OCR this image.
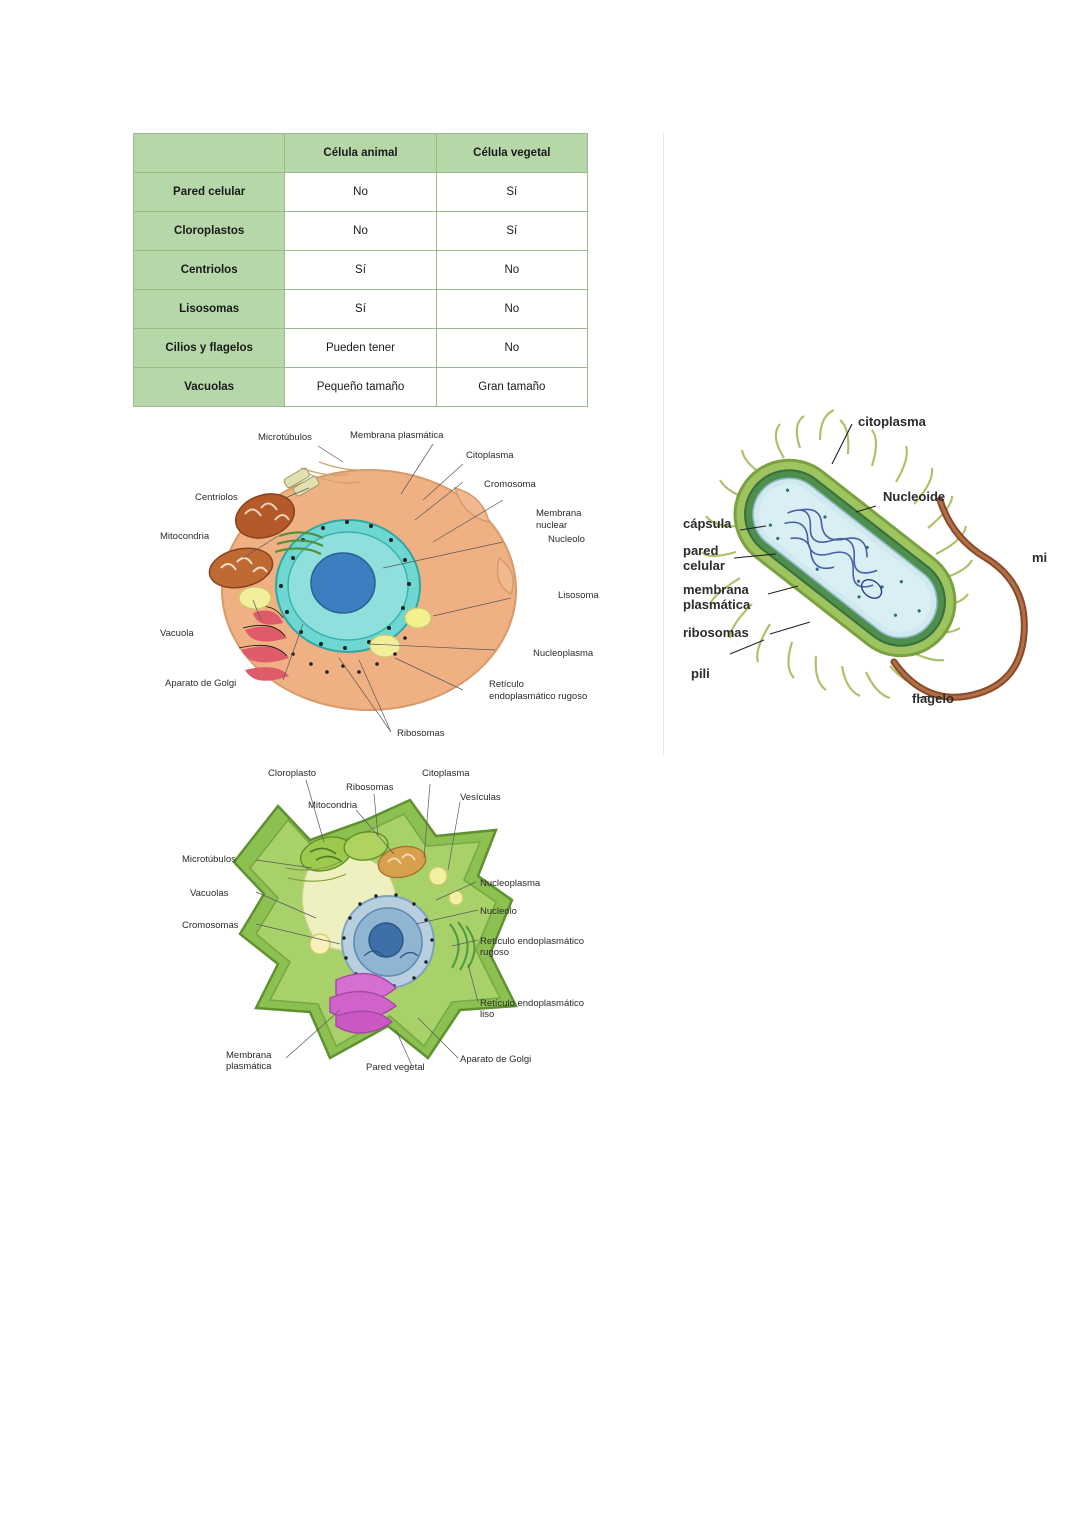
	Célula animal	Célula vegetal
Pared celular	No	Sí
Cloroplastos	No	Sí
Centriolos	Sí	No
Lisosomas	Sí	No
Cilios y flagelos	Pueden tener	No
Vacuolas	Pequeño tamaño	Gran tamaño
Microtúbulos	Membrana plasmática
Citoplasma
Cromosoma
Centriolos
Membrana
nuclear
Mitocondria	Nucleolo
Lisosoma
Vacuola
Nucleoplasma
Aparato de Golgi	Retículo
endoplasmático rugoso
Ribosomas
citoplasma
Nucleoide
cápsula
pared
celular
membrana
plasmática
ribosomas
pili
flagelo
mi
Cloroplasto
Ribosomas
Citoplasma
Mitocondria
Vesículas
Microtúbulos
Nucleoplasma
Vacuolas
Nucleolo
Cromosomas
Retículo endoplasmático
rugoso
Retículo endoplasmático
liso
Membrana
plasmática	Pared vegetal
Aparato de Golgi
